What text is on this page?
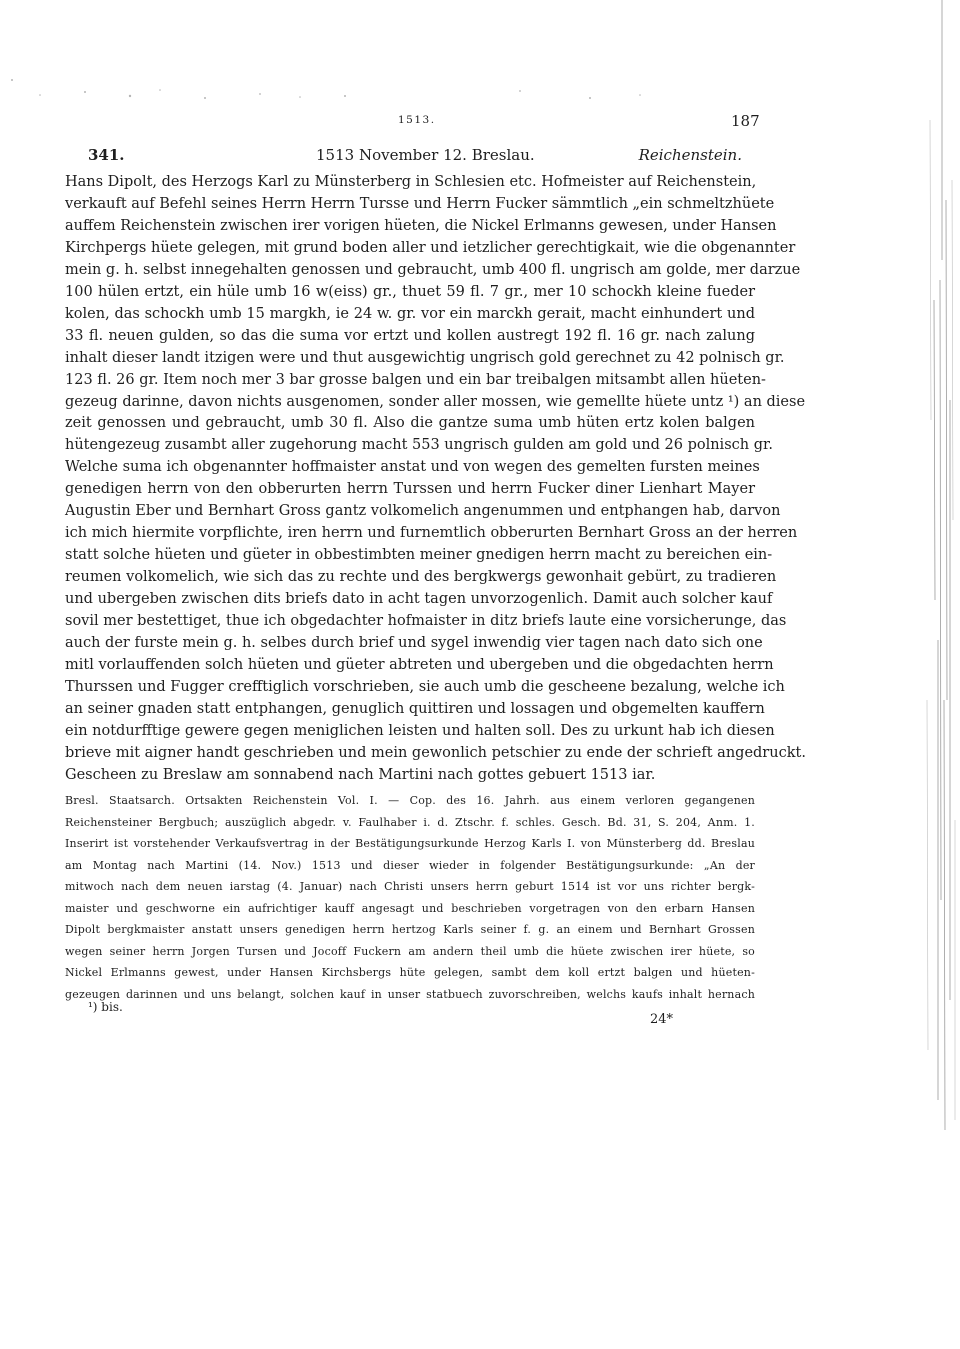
1513.	187
341.	1513 November 12. Breslau.	Reichenstein.
Hans Dipolt, des Herzogs Karl zu Münsterberg in Schlesien etc. Hofmeister auf Reichenstein,
verkauft auf Befehl seines Herrn Herrn Tursse und Herrn Fucker sämmtlich „ein schmeltzhüete
auffem Reichenstein zwischen irer vorigen hüeten, die Nickel Erlmanns gewesen, under Hansen
Kirchpergs hüete gelegen, mit grund boden aller und ietzlicher gerechtigkait, wie die obgenannter
mein g. h. selbst innegehalten genossen und gebraucht, umb 400 fl. ungrisch am golde, mer darzue
100 hülen ertzt, ein hüle umb 16 w(eiss) gr., thuet 59 fl. 7 gr., mer 10 schockh kleine fueder
kolen, das schockh umb 15 margkh, ie 24 w. gr. vor ein marckh gerait, macht einhundert und
33 fl. neuen gulden, so das die suma vor ertzt und kollen austregt 192 fl. 16 gr. nach zalung
inhalt dieser landt itzigen were und thut ausgewichtig ungrisch gold gerechnet zu 42 polnisch gr.
123 fl. 26 gr. Item noch mer 3 bar grosse balgen und ein bar treibalgen mitsambt allen hüeten-
gezeug darinne, davon nichts ausgenomen, sonder aller mossen, wie gemellte hüete untz ¹) an diese
zeit genossen und gebraucht, umb 30 fl. Also die gantze suma umb hüten ertz kolen balgen
hütengezeug zusambt aller zugehorung macht 553 ungrisch gulden am gold und 26 polnisch gr.
Welche suma ich obgenannter hoffmaister anstat und von wegen des gemelten fursten meines
genedigen herrn von den obberurten herrn Turssen und herrn Fucker diner Lienhart Mayer
Augustin Eber und Bernhart Gross gantz volkomelich angenummen und entphangen hab, darvon
ich mich hiermite vorpflichte, iren herrn und furnemtlich obberurten Bernhart Gross an der herren
statt solche hüeten und güeter in obbestimbten meiner gnedigen herrn macht zu bereichen ein-
reumen volkomelich, wie sich das zu rechte und des bergkwergs gewonhait gebürt, zu tradieren
und ubergeben zwischen dits briefs dato in acht tagen unvorzogenlich. Damit auch solcher kauf
sovil mer bestettiget, thue ich obgedachter hofmaister in ditz briefs laute eine vorsicherunge, das
auch der furste mein g. h. selbes durch brief und sygel inwendig vier tagen nach dato sich one
mitl vorlauffenden solch hüeten und güeter abtreten und ubergeben und die obgedachten herrn
Thurssen und Fugger crefftiglich vorschrieben, sie auch umb die gescheene bezalung, welche ich
an seiner gnaden statt entphangen, genuglich quittiren und lossagen und obgemelten kauffern
ein notdurfftige gewere gegen meniglichen leisten und halten soll. Des zu urkunt hab ich diesen
brieve mit aigner handt geschrieben und mein gewonlich petschier zu ende der schrieft angedruckt.
Gescheen zu Breslaw am sonnabend nach Martini nach gottes gebuert 1513 iar.
Bresl. Staatsarch. Ortsakten Reichenstein Vol. I. — Cop. des 16. Jahrh. aus einem verloren gegangenen
Reichensteiner Bergbuch; auszüglich abgedr. v. Faulhaber i. d. Ztschr. f. schles. Gesch. Bd. 31, S. 204, Anm. 1.
Inserirt ist vorstehender Verkaufsvertrag in der Bestätigungsurkunde Herzog Karls I. von Münsterberg dd. Breslau
am Montag nach Martini (14. Nov.) 1513 und dieser wieder in folgender Bestätigungsurkunde: „An der
mitwoch nach dem neuen iarstag (4. Januar) nach Christi unsers herrn geburt 1514 ist vor uns richter bergk-
maister und geschworne ein aufrichtiger kauff angesagt und beschrieben vorgetragen von den erbarn Hansen
Dipolt bergkmaister anstatt unsers genedigen herrn hertzog Karls seiner f. g. an einem und Bernhart Grossen
wegen seiner herrn Jorgen Tursen und Jocoff Fuckern am andern theil umb die hüete zwischen irer hüete, so
Nickel Erlmanns gewest, under Hansen Kirchsbergs hüte gelegen, sambt dem koll ertzt balgen und hüeten-
gezeugen darinnen und uns belangt, solchen kauf in unser statbuech zuvorschreiben, welchs kaufs inhalt hernach
¹) bis.
24*
